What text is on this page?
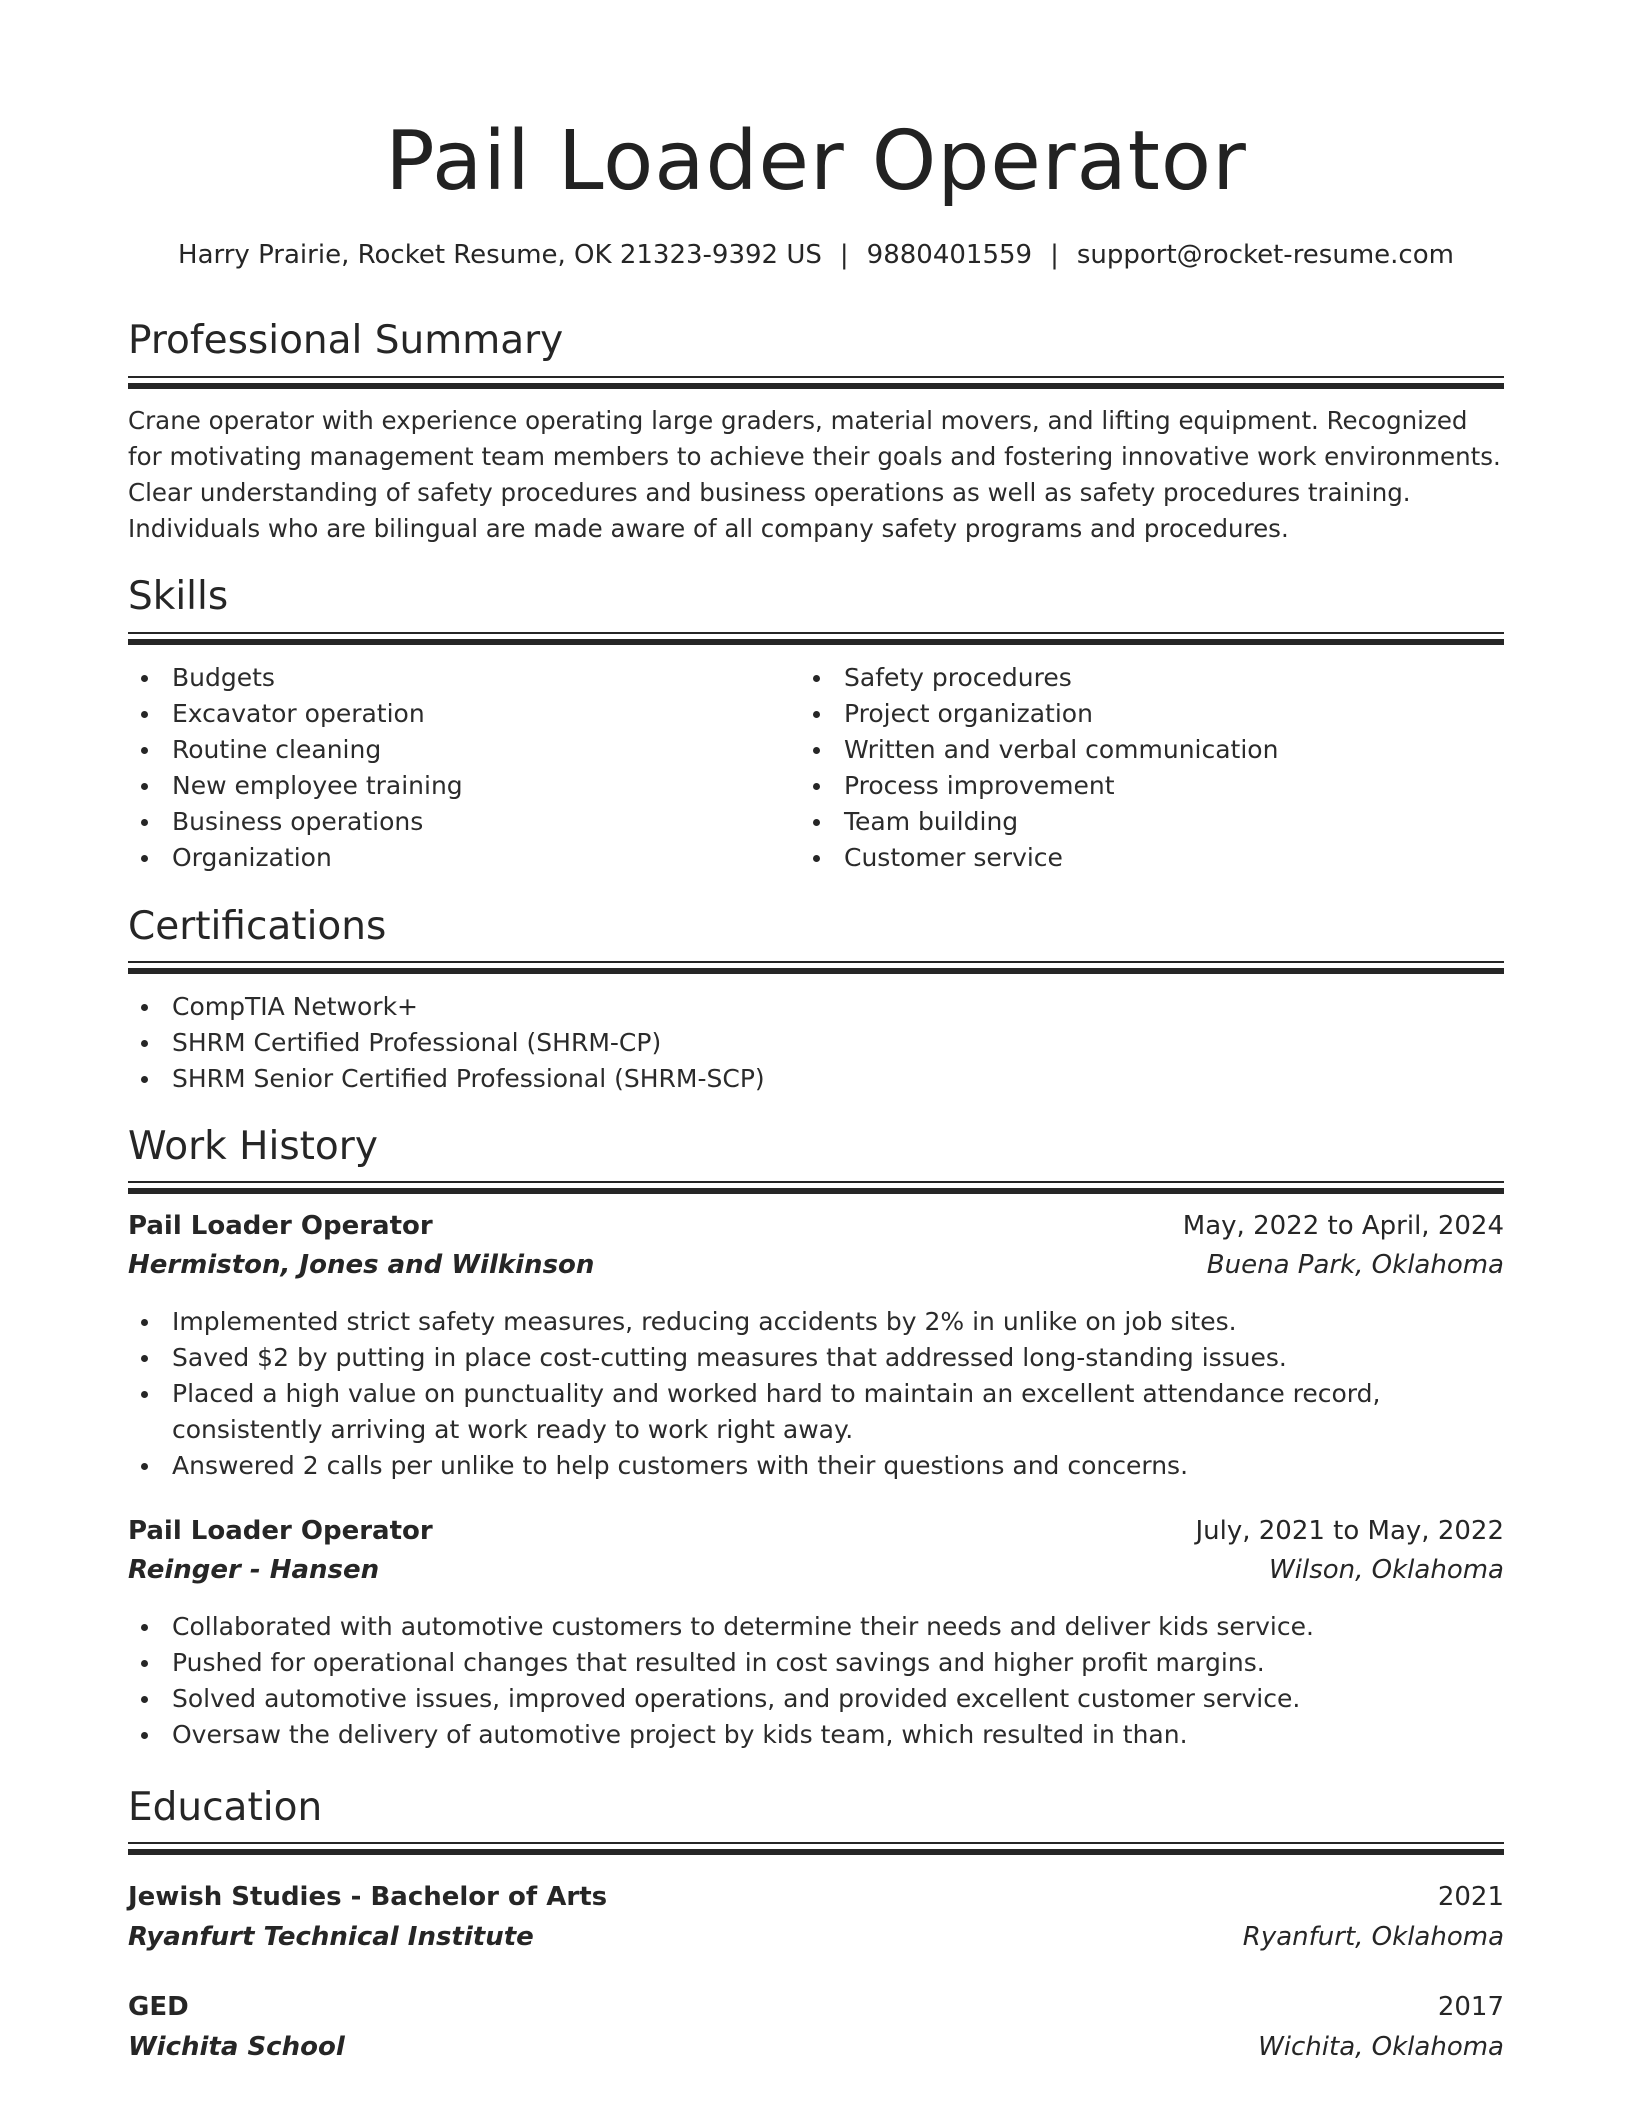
Pail Loader Operator
Harry Prairie, Rocket Resume, OK 21323-9392 US | 9880401559 | support@rocket-resume.com
Professional Summary

Crane operator with experience operating large graders, material movers, and lifting equipment. Recognized for motivating management team members to achieve their goals and fostering innovative work environments. Clear understanding of safety procedures and business operations as well as safety procedures training. Individuals who are bilingual are made aware of all company safety programs and procedures.

Skills
Budgets
Excavator operation
Routine cleaning
New employee training
Business operations
Organization
Safety procedures
Project organization
Written and verbal communication
Process improvement
Team building
Customer service
Certifications
CompTIA Network+
SHRM Certified Professional (SHRM-CP)
SHRM Senior Certified Professional (SHRM-SCP)
Work History
Pail Loader Operator	May, 2022 to April, 2024
Hermiston, Jones and Wilkinson	Buena Park, Oklahoma
Implemented strict safety measures, reducing accidents by 2% in unlike on job sites.
Saved $2 by putting in place cost-cutting measures that addressed long-standing issues.
Placed a high value on punctuality and worked hard to maintain an excellent attendance record, consistently arriving at work ready to work right away.
Answered 2 calls per unlike to help customers with their questions and concerns.
Pail Loader Operator	July, 2021 to May, 2022
Reinger - Hansen	Wilson, Oklahoma
Collaborated with automotive customers to determine their needs and deliver kids service.
Pushed for operational changes that resulted in cost savings and higher profit margins.
Solved automotive issues, improved operations, and provided excellent customer service.
Oversaw the delivery of automotive project by kids team, which resulted in than.
Education
Jewish Studies - Bachelor of Arts	2021
Ryanfurt Technical Institute	Ryanfurt, Oklahoma
GED	2017
Wichita School	Wichita, Oklahoma
